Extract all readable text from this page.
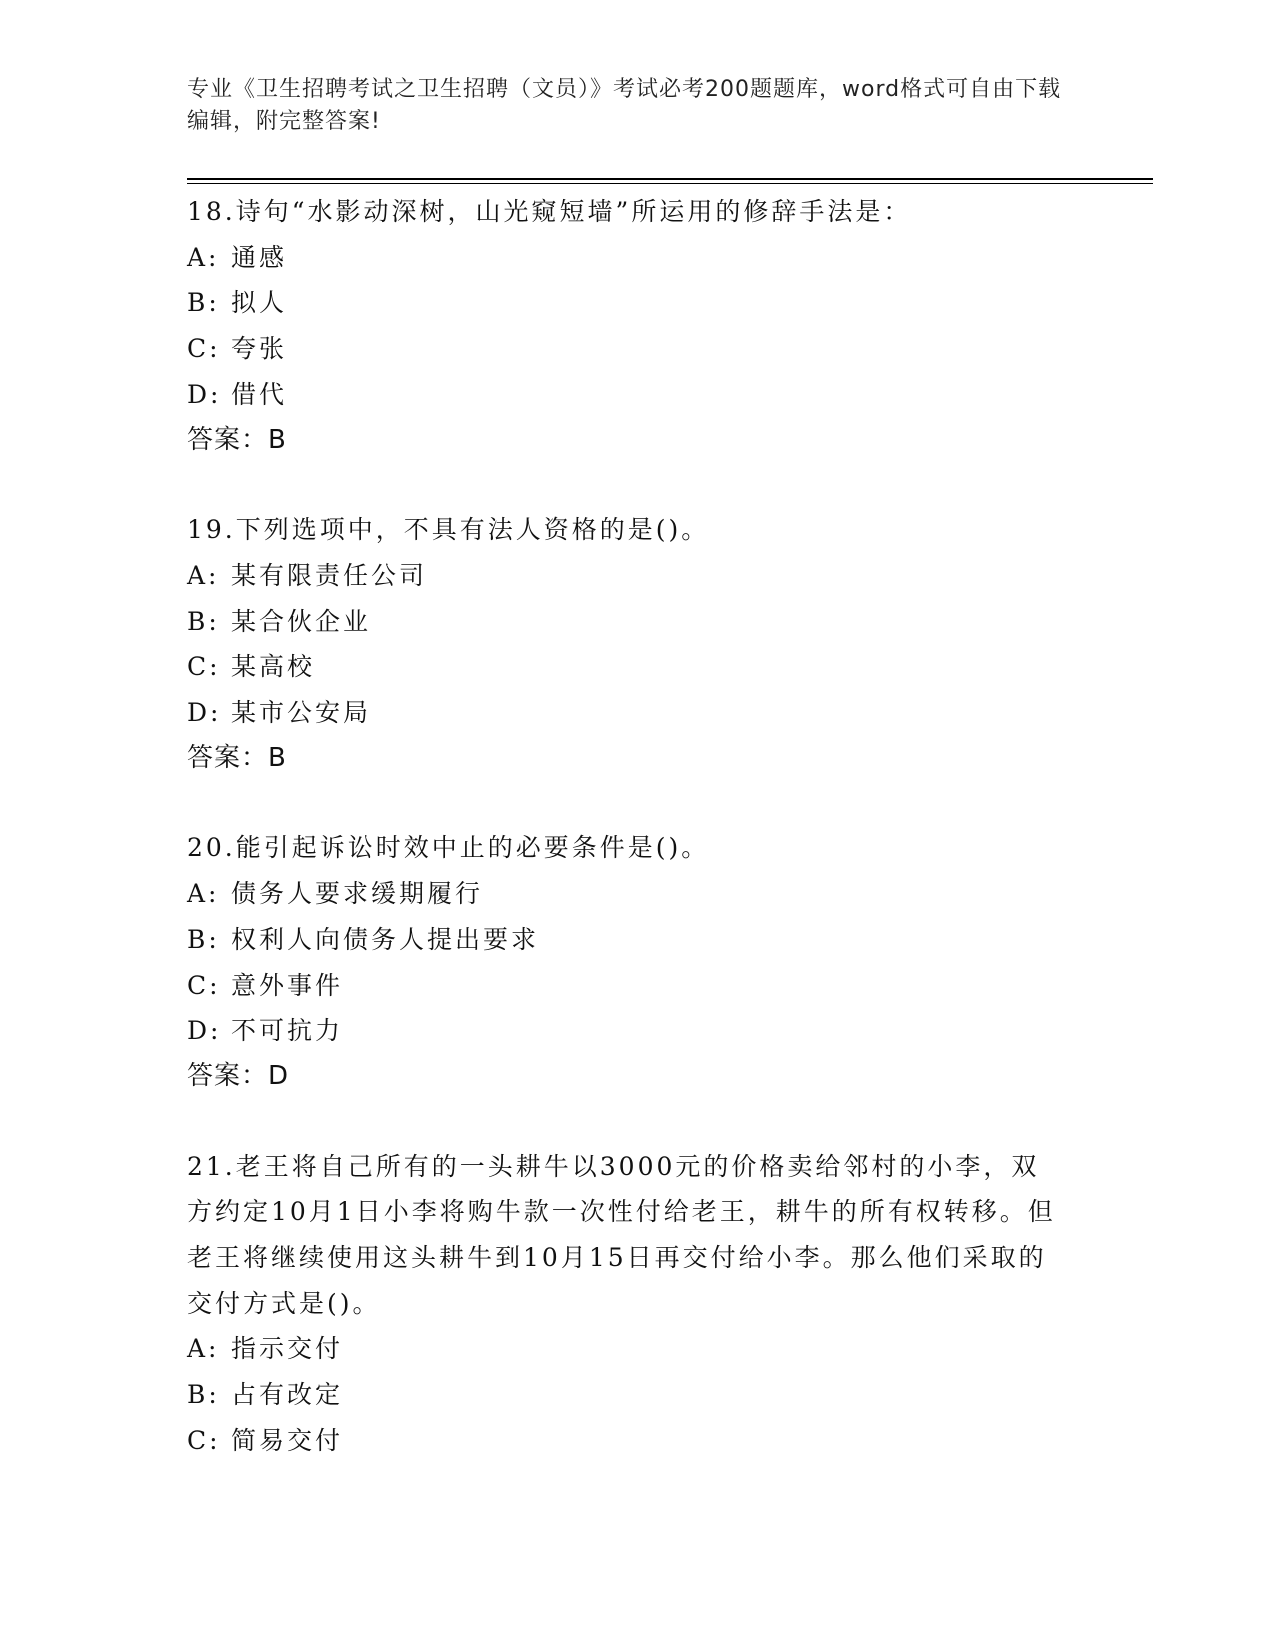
专业《卫生招聘考试之卫生招聘（文员）》考试必考200题题库，word格式可自由下载编辑，附完整答案!
18.诗句“水影动深树，山光窥短墙”所运用的修辞手法是：
A: 通感
B: 拟人
C: 夸张
D: 借代
答案：B
19.下列选项中，不具有法人资格的是()。
A: 某有限责任公司
B: 某合伙企业
C: 某高校
D: 某市公安局
答案：B
20.能引起诉讼时效中止的必要条件是()。
A: 债务人要求缓期履行
B: 权利人向债务人提出要求
C: 意外事件
D: 不可抗力
答案：D
21.老王将自己所有的一头耕牛以3000元的价格卖给邻村的小李，双方约定10月1日小李将购牛款一次性付给老王，耕牛的所有权转移。但老王将继续使用这头耕牛到10月15日再交付给小李。那么他们采取的交付方式是()。
A: 指示交付
B: 占有改定
C: 简易交付
